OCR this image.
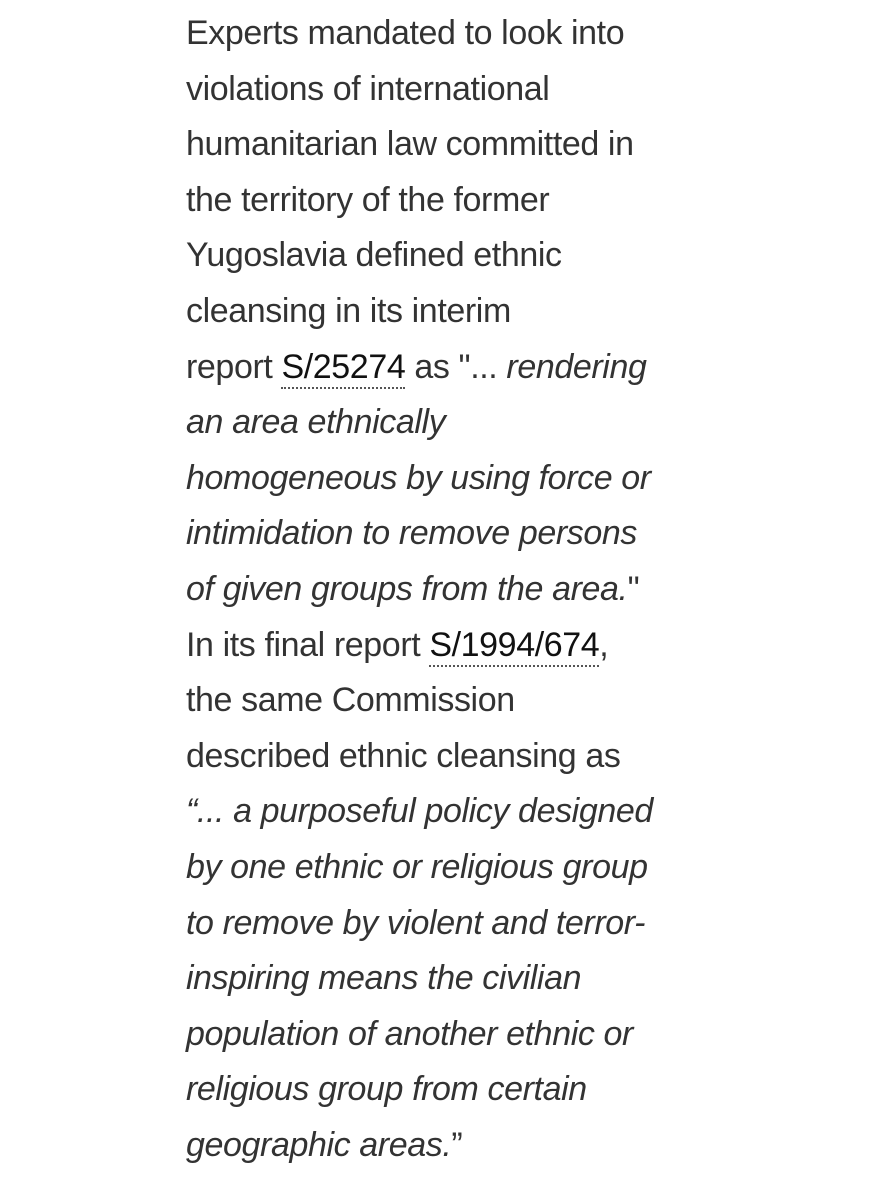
Experts mandated to look into
violations of international
humanitarian law committed in
the territory of the former
Yugoslavia defined ethnic
cleansing in its interim
report S/25274 as "... rendering
an area ethnically
homogeneous by using force or
intimidation to remove persons
of given groups from the area."
In its final report S/1994/674,
the same Commission
described ethnic cleansing as
“... a purposeful policy designed
by one ethnic or religious group
to remove by violent and terror-
inspiring means the civilian
population of another ethnic or
religious group from certain
geographic areas.”
